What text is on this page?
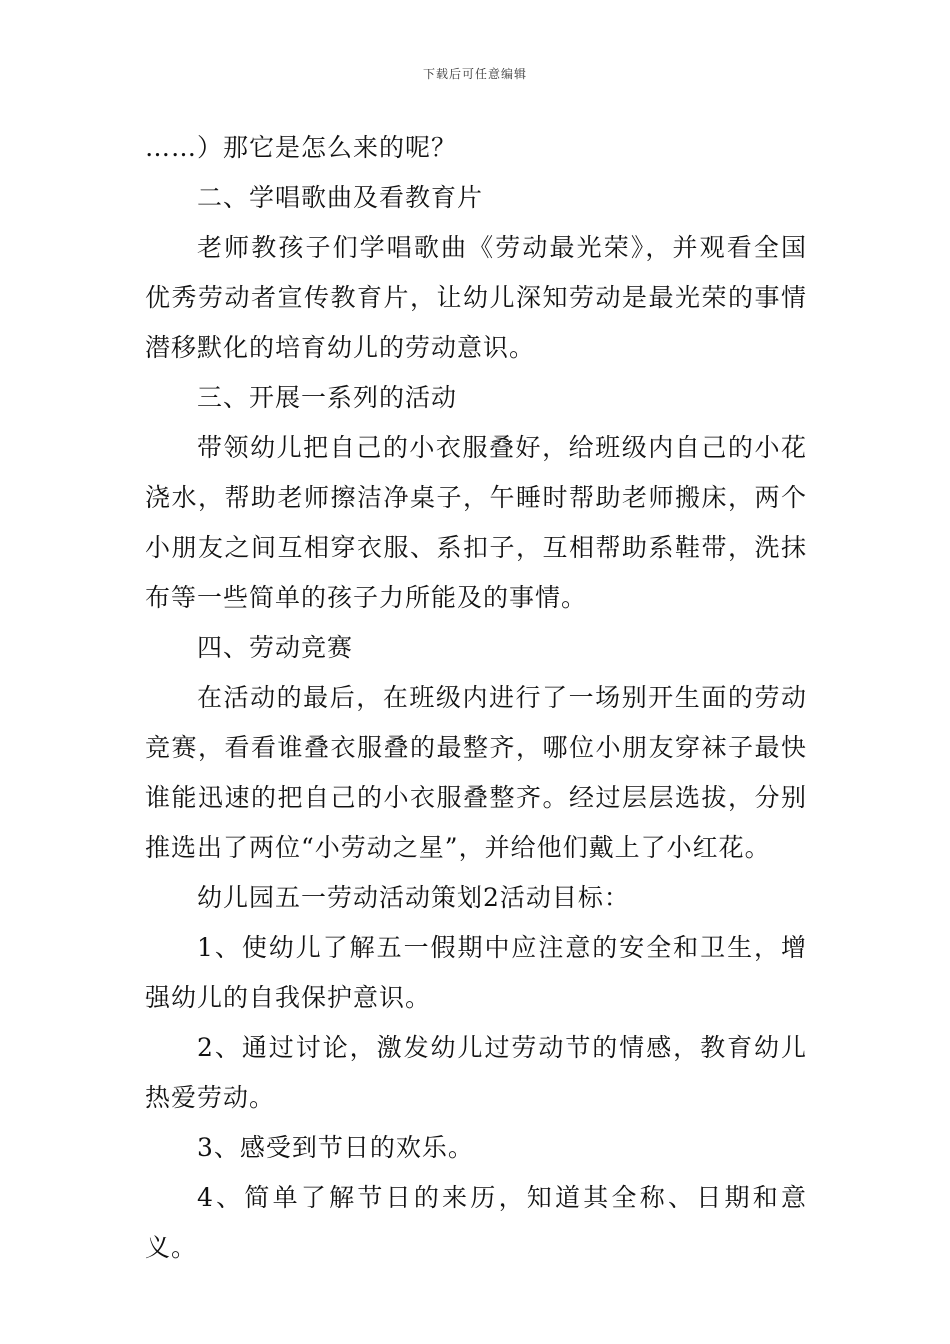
下载后可任意编辑

……）那它是怎么来的呢？

二、学唱歌曲及看教育片

老师教孩子们学唱歌曲《劳动最光荣》，并观看全国优秀劳动者宣传教育片，让幼儿深知劳动是最光荣的事情潜移默化的培育幼儿的劳动意识。

三、开展一系列的活动

带领幼儿把自己的小衣服叠好，给班级内自己的小花浇水，帮助老师擦洁净桌子，午睡时帮助老师搬床，两个小朋友之间互相穿衣服、系扣子，互相帮助系鞋带，洗抹布等一些简单的孩子力所能及的事情。

四、劳动竞赛

在活动的最后，在班级内进行了一场别开生面的劳动竞赛，看看谁叠衣服叠的最整齐，哪位小朋友穿袜子最快谁能迅速的把自己的小衣服叠整齐。经过层层选拔，分别推选出了两位“小劳动之星”，并给他们戴上了小红花。

幼儿园五一劳动活动策划2活动目标：

1、使幼儿了解五一假期中应注意的安全和卫生，增强幼儿的自我保护意识。

2、通过讨论，激发幼儿过劳动节的情感，教育幼儿热爱劳动。

3、感受到节日的欢乐。

4、简单了解节日的来历，知道其全称、日期和意义。
